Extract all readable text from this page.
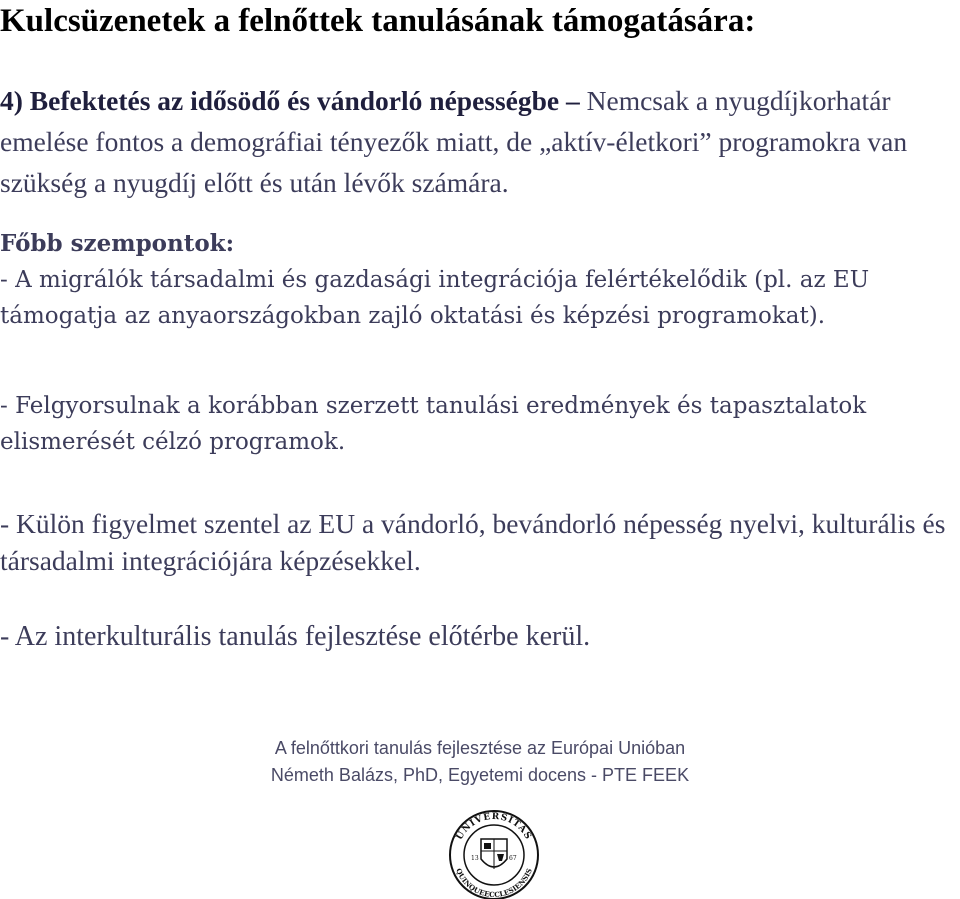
Kulcsüzenetek a felnőttek tanulásának támogatására:

4) Befektetés az idősödő és vándorló népességbe – Nemcsak a nyugdíjkorhatár emelése fontos a demográfiai tényezők miatt, de „aktív-életkori” programokra van szükség a nyugdíj előtt és után lévők számára.

Főbb szempontok:
- A migrálók társadalmi és gazdasági integrációja felértékelődik (pl. az EU támogatja az anyaországokban zajló oktatási és képzési programokat).
- Felgyorsulnak a korábban szerzett tanulási eredmények és tapasztalatok elismerését célzó programok.
- Külön figyelmet szentel az EU a vándorló, bevándorló népesség nyelvi, kulturális és társadalmi integrációjára képzésekkel.
- Az interkulturális tanulás fejlesztése előtérbe kerül.

A felnőttkori tanulás fejlesztése az Európai Unióban

Németh Balázs, PhD, Egyetemi docens - PTE FEEK

UNIVERSITAS
QUINQUEECCLESIENSIS
13	67
